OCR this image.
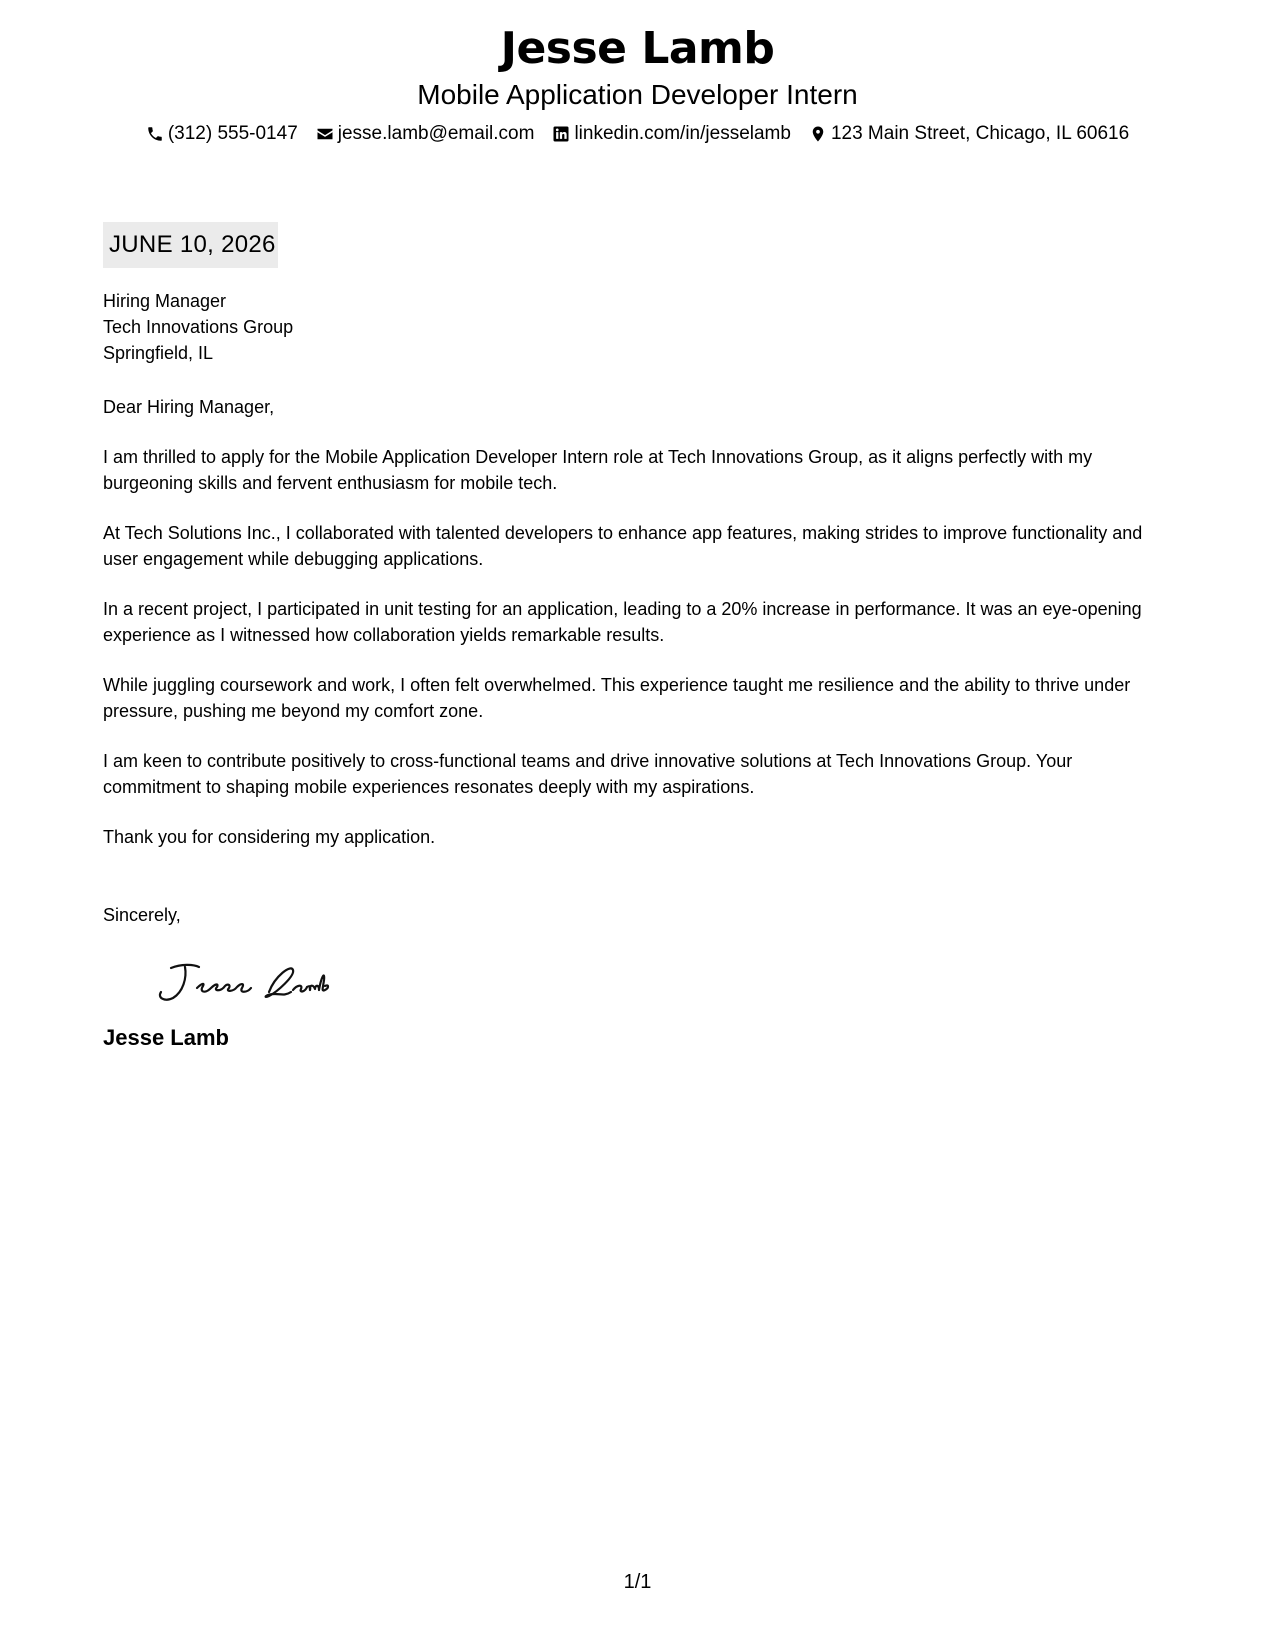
Jesse Lamb
Mobile Application Developer Intern
(312) 555-0147 jesse.lamb@email.com linkedin.com/in/jesselamb 123 Main Street, Chicago, IL 60616
JUNE 10, 2026
Hiring Manager
Tech Innovations Group
Springfield, IL
Dear Hiring Manager,

I am thrilled to apply for the Mobile Application Developer Intern role at Tech Innovations Group, as it aligns perfectly with my burgeoning skills and fervent enthusiasm for mobile tech.

At Tech Solutions Inc., I collaborated with talented developers to enhance app features, making strides to improve functionality and user engagement while debugging applications.

In a recent project, I participated in unit testing for an application, leading to a 20% increase in performance. It was an eye-opening experience as I witnessed how collaboration yields remarkable results.

While juggling coursework and work, I often felt overwhelmed. This experience taught me resilience and the ability to thrive under pressure, pushing me beyond my comfort zone.

I am keen to contribute positively to cross-functional teams and drive innovative solutions at Tech Innovations Group. Your commitment to shaping mobile experiences resonates deeply with my aspirations.

Thank you for considering my application.

Sincerely,
Jesse Lamb
1/1
